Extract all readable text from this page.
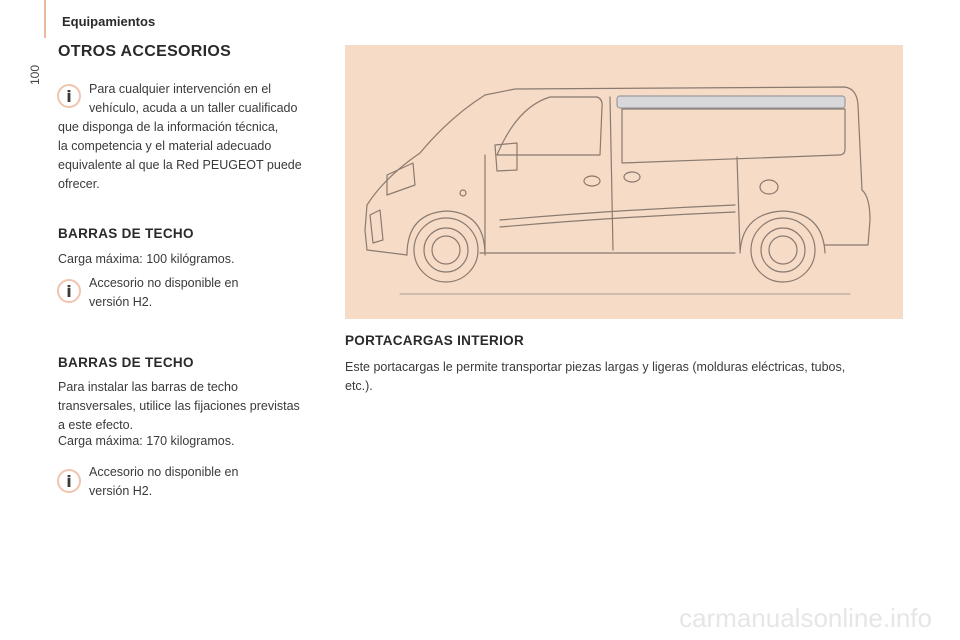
Equipamientos
100
OTROS ACCESORIOS
i Para cualquier intervención en el
vehículo, acuda a un taller cualificado
que disponga de la información técnica,
la competencia y el material adecuado
equivalente al que la Red PEUGEOT puede
ofrecer.
BARRAS DE TECHO
Carga máxima: 100 kilógramos.
i Accesorio no disponible en
versión H2.
BARRAS DE TECHO
Para instalar las barras de techo
transversales, utilice las fijaciones previstas
a este efecto.
Carga máxima: 170 kilogramos.
i Accesorio no disponible en
versión H2.
PORTACARGAS INTERIOR
Este portacargas le permite transportar piezas largas y ligeras (molduras eléctricas, tubos,
etc.).
carmanualsonline.info
